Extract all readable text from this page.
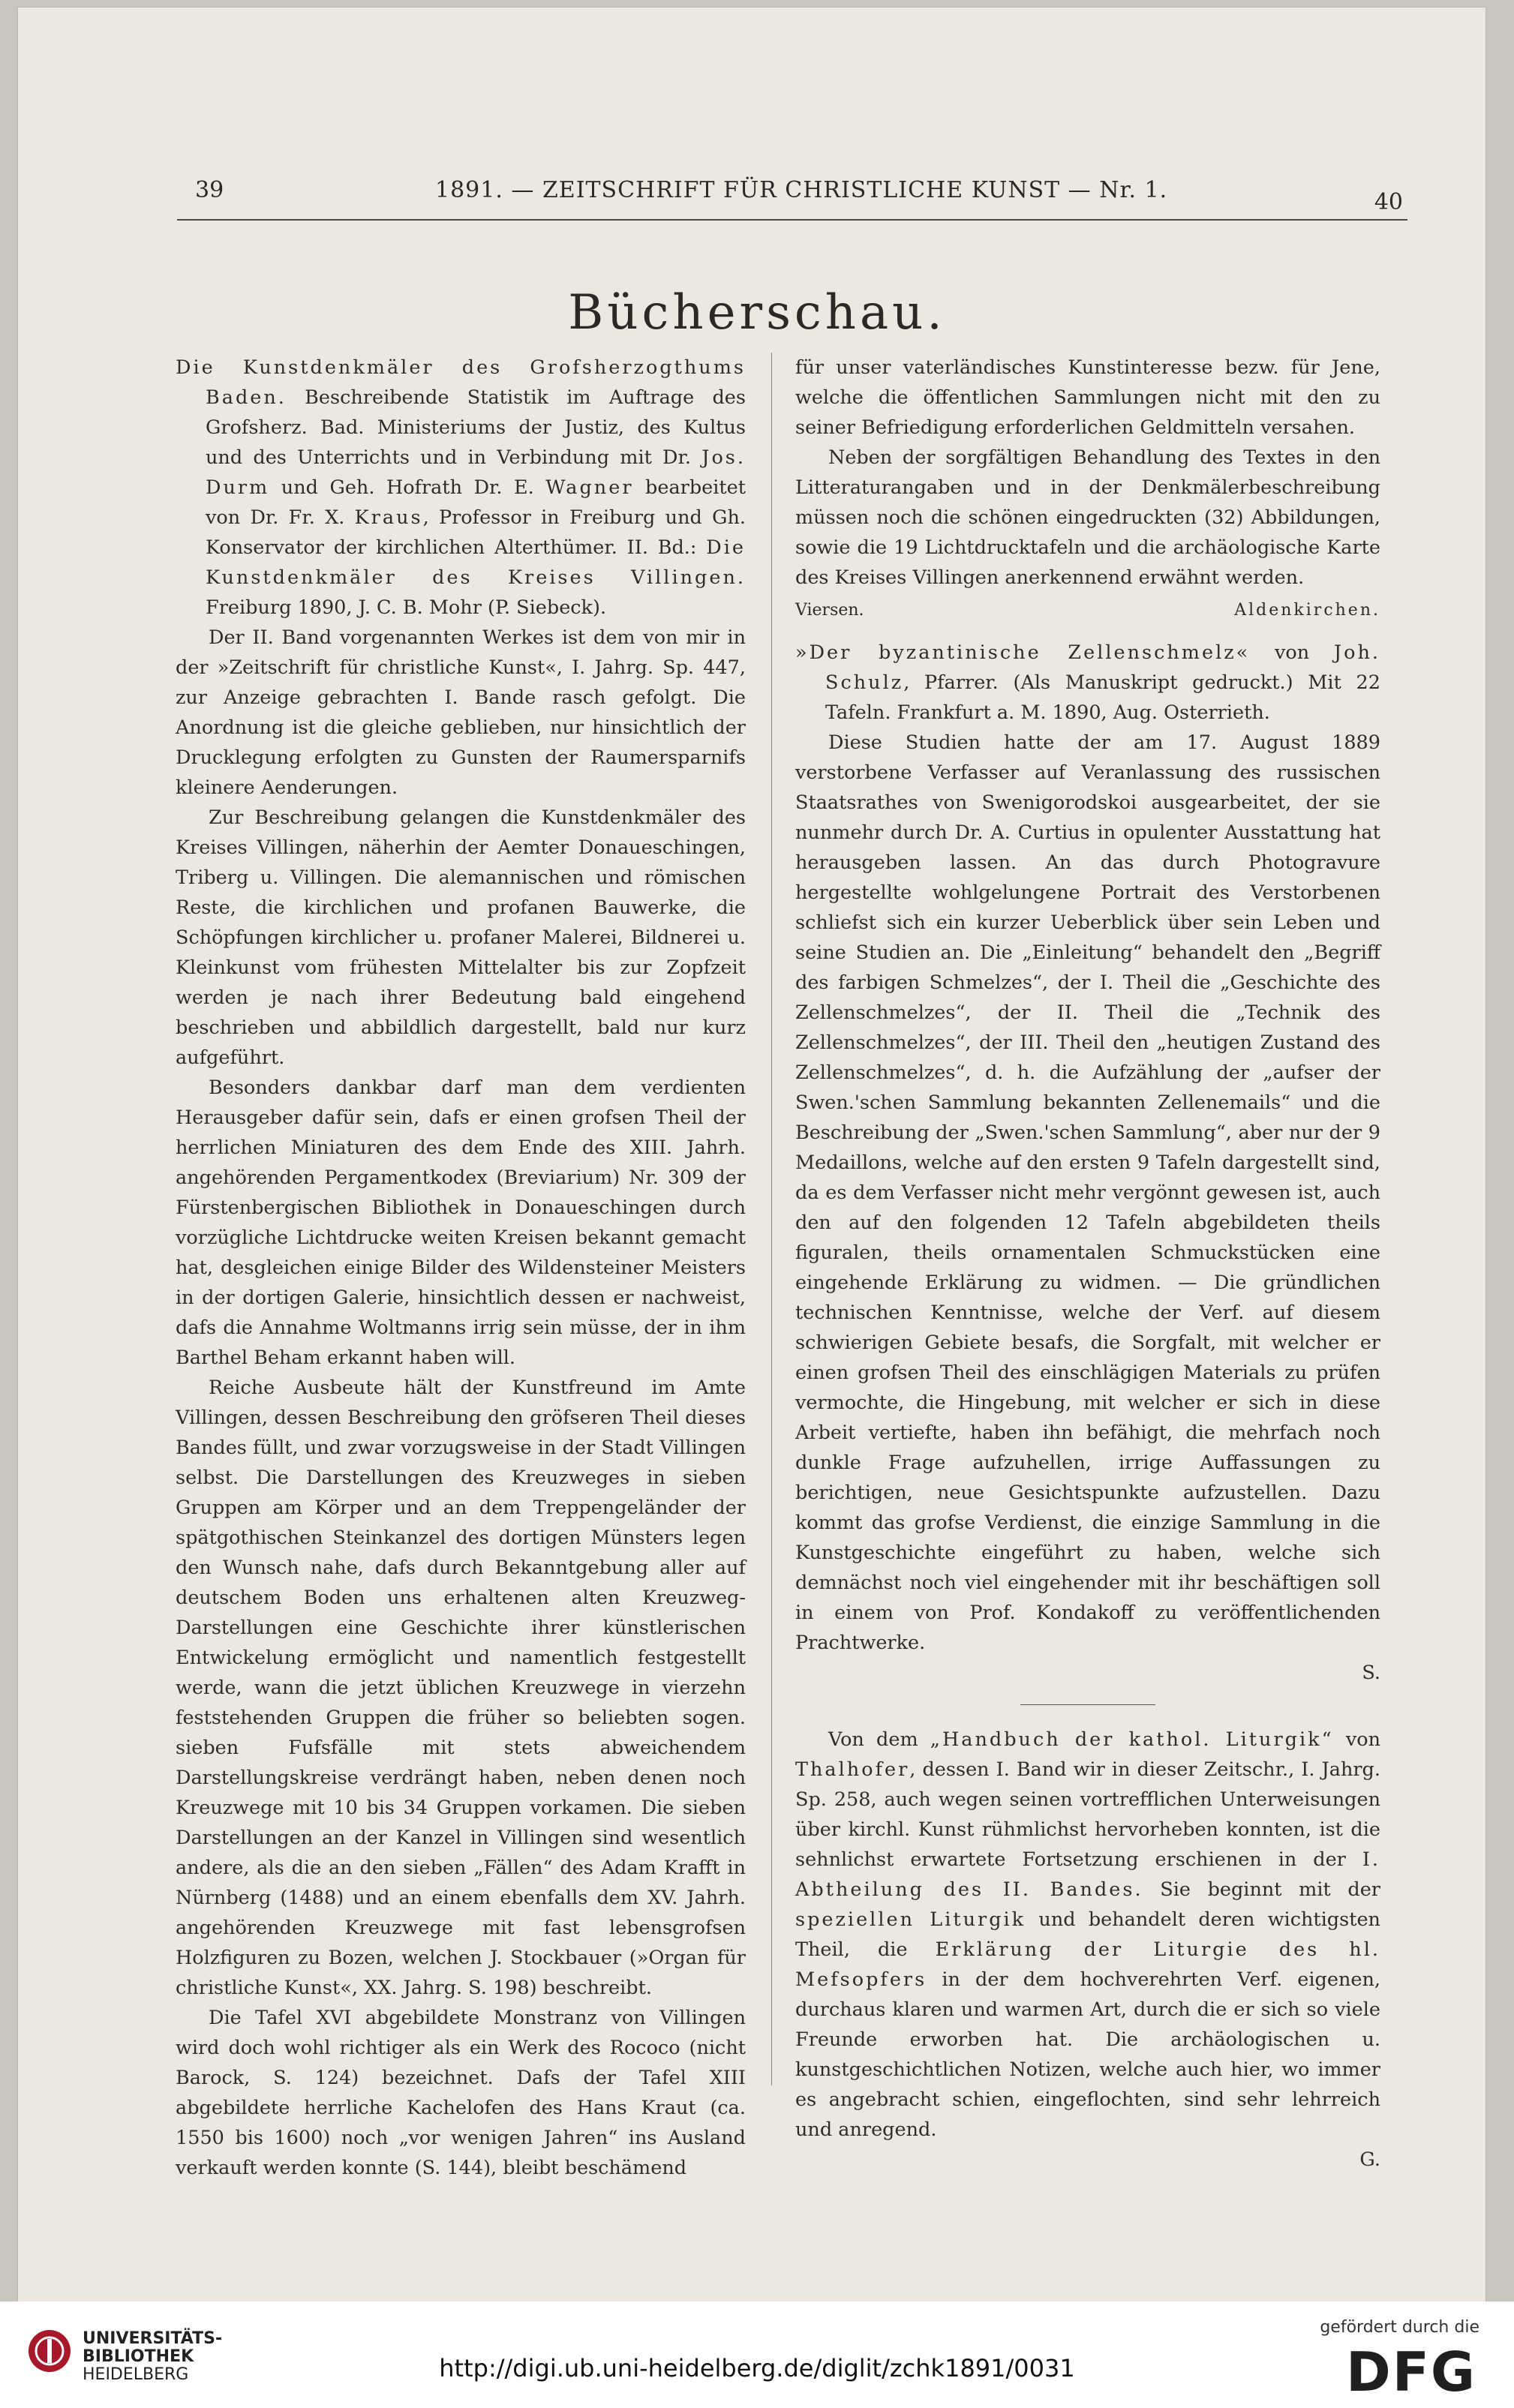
39	1891. — ZEITSCHRIFT FÜR CHRISTLICHE KUNST — Nr. 1.	40
Bücherschau.

Die Kunstdenkmäler des Grofsherzogthums Baden. Beschreibende Statistik im Auftrage des Grofsherz. Bad. Ministeriums der Justiz, des Kultus und des Unterrichts und in Verbindung mit Dr. Jos. Durm und Geh. Hofrath Dr. E. Wagner bearbeitet von Dr. Fr. X. Kraus, Professor in Freiburg und Gh. Konservator der kirchlichen Alterthümer. II. Bd.: Die Kunstdenkmäler des Kreises Villingen. Freiburg 1890, J. C. B. Mohr (P. Siebeck).

Der II. Band vorgenannten Werkes ist dem von mir in der »Zeitschrift für christliche Kunst«, I. Jahrg. Sp. 447, zur Anzeige gebrachten I. Bande rasch gefolgt. Die Anordnung ist die gleiche geblieben, nur hinsichtlich der Drucklegung erfolgten zu Gunsten der Raumersparnifs kleinere Aenderungen.

Zur Beschreibung gelangen die Kunstdenkmäler des Kreises Villingen, näherhin der Aemter Donaueschingen, Triberg u. Villingen. Die alemannischen und römischen Reste, die kirchlichen und profanen Bauwerke, die Schöpfungen kirchlicher u. profaner Malerei, Bildnerei u. Kleinkunst vom frühesten Mittelalter bis zur Zopfzeit werden je nach ihrer Bedeutung bald eingehend beschrieben und abbildlich dargestellt, bald nur kurz aufgeführt.

Besonders dankbar darf man dem verdienten Herausgeber dafür sein, dafs er einen grofsen Theil der herrlichen Miniaturen des dem Ende des XIII. Jahrh. angehörenden Pergamentkodex (Breviarium) Nr. 309 der Fürstenbergischen Bibliothek in Donaueschingen durch vorzügliche Lichtdrucke weiten Kreisen bekannt gemacht hat, desgleichen einige Bilder des Wildensteiner Meisters in der dortigen Galerie, hinsichtlich dessen er nachweist, dafs die Annahme Woltmanns irrig sein müsse, der in ihm Barthel Beham erkannt haben will.

Reiche Ausbeute hält der Kunstfreund im Amte Villingen, dessen Beschreibung den gröfseren Theil dieses Bandes füllt, und zwar vorzugsweise in der Stadt Villingen selbst. Die Darstellungen des Kreuzweges in sieben Gruppen am Körper und an dem Treppengeländer der spätgothischen Steinkanzel des dortigen Münsters legen den Wunsch nahe, dafs durch Bekanntgebung aller auf deutschem Boden uns erhaltenen alten Kreuzweg-Darstellungen eine Geschichte ihrer künstlerischen Entwickelung ermöglicht und namentlich festgestellt werde, wann die jetzt üblichen Kreuzwege in vierzehn feststehenden Gruppen die früher so beliebten sogen. sieben Fufsfälle mit stets abweichendem Darstellungskreise verdrängt haben, neben denen noch Kreuzwege mit 10 bis 34 Gruppen vorkamen. Die sieben Darstellungen an der Kanzel in Villingen sind wesentlich andere, als die an den sieben „Fällen“ des Adam Krafft in Nürnberg (1488) und an einem ebenfalls dem XV. Jahrh. angehörenden Kreuzwege mit fast lebensgrofsen Holzfiguren zu Bozen, welchen J. Stockbauer (»Organ für christliche Kunst«, XX. Jahrg. S. 198) beschreibt.

Die Tafel XVI abgebildete Monstranz von Villingen wird doch wohl richtiger als ein Werk des Rococo (nicht Barock, S. 124) bezeichnet. Dafs der Tafel XIII abgebildete herrliche Kachelofen des Hans Kraut (ca. 1550 bis 1600) noch „vor wenigen Jahren“ ins Ausland verkauft werden konnte (S. 144), bleibt beschämend

für unser vaterländisches Kunstinteresse bezw. für Jene, welche die öffentlichen Sammlungen nicht mit den zu seiner Befriedigung erforderlichen Geldmitteln versahen.

Neben der sorgfältigen Behandlung des Textes in den Litteraturangaben und in der Denkmälerbeschreibung müssen noch die schönen eingedruckten (32) Abbildungen, sowie die 19 Lichtdrucktafeln und die archäologische Karte des Kreises Villingen anerkennend erwähnt werden.

Viersen.	Aldenkirchen.

»Der byzantinische Zellenschmelz« von Joh. Schulz, Pfarrer. (Als Manuskript gedruckt.) Mit 22 Tafeln. Frankfurt a. M. 1890, Aug. Osterrieth.

Diese Studien hatte der am 17. August 1889 verstorbene Verfasser auf Veranlassung des russischen Staatsrathes von Swenigorodskoi ausgearbeitet, der sie nunmehr durch Dr. A. Curtius in opulenter Ausstattung hat herausgeben lassen. An das durch Photogravure hergestellte wohlgelungene Portrait des Verstorbenen schliefst sich ein kurzer Ueberblick über sein Leben und seine Studien an. Die „Einleitung“ behandelt den „Begriff des farbigen Schmelzes“, der I. Theil die „Geschichte des Zellenschmelzes“, der II. Theil die „Technik des Zellenschmelzes“, der III. Theil den „heutigen Zustand des Zellenschmelzes“, d. h. die Aufzählung der „aufser der Swen.'schen Sammlung bekannten Zellenemails“ und die Beschreibung der „Swen.'schen Sammlung“, aber nur der 9 Medaillons, welche auf den ersten 9 Tafeln dargestellt sind, da es dem Verfasser nicht mehr vergönnt gewesen ist, auch den auf den folgenden 12 Tafeln abgebildeten theils figuralen, theils ornamentalen Schmuckstücken eine eingehende Erklärung zu widmen. — Die gründlichen technischen Kenntnisse, welche der Verf. auf diesem schwierigen Gebiete besafs, die Sorgfalt, mit welcher er einen grofsen Theil des einschlägigen Materials zu prüfen vermochte, die Hingebung, mit welcher er sich in diese Arbeit vertiefte, haben ihn befähigt, die mehrfach noch dunkle Frage aufzuhellen, irrige Auffassungen zu berichtigen, neue Gesichtspunkte aufzustellen. Dazu kommt das grofse Verdienst, die einzige Sammlung in die Kunstgeschichte eingeführt zu haben, welche sich demnächst noch viel eingehender mit ihr beschäftigen soll in einem von Prof. Kondakoff zu veröffentlichenden Prachtwerke.

S.

Von dem „Handbuch der kathol. Liturgik“ von Thalhofer, dessen I. Band wir in dieser Zeitschr., I. Jahrg. Sp. 258, auch wegen seinen vortrefflichen Unterweisungen über kirchl. Kunst rühmlichst hervorheben konnten, ist die sehnlichst erwartete Fortsetzung erschienen in der I. Abtheilung des II. Bandes. Sie beginnt mit der speziellen Liturgik und behandelt deren wichtigsten Theil, die Erklärung der Liturgie des hl. Mefsopfers in der dem hochverehrten Verf. eigenen, durchaus klaren und warmen Art, durch die er sich so viele Freunde erworben hat. Die archäologischen u. kunstgeschichtlichen Notizen, welche auch hier, wo immer es angebracht schien, eingeflochten, sind sehr lehrreich und anregend.

G.

UNIVERSITÄTS-
BIBLIOTHEK
HEIDELBERG	http://digi.ub.uni-heidelberg.de/diglit/zchk1891/0031
gefördert durch die
DFG
